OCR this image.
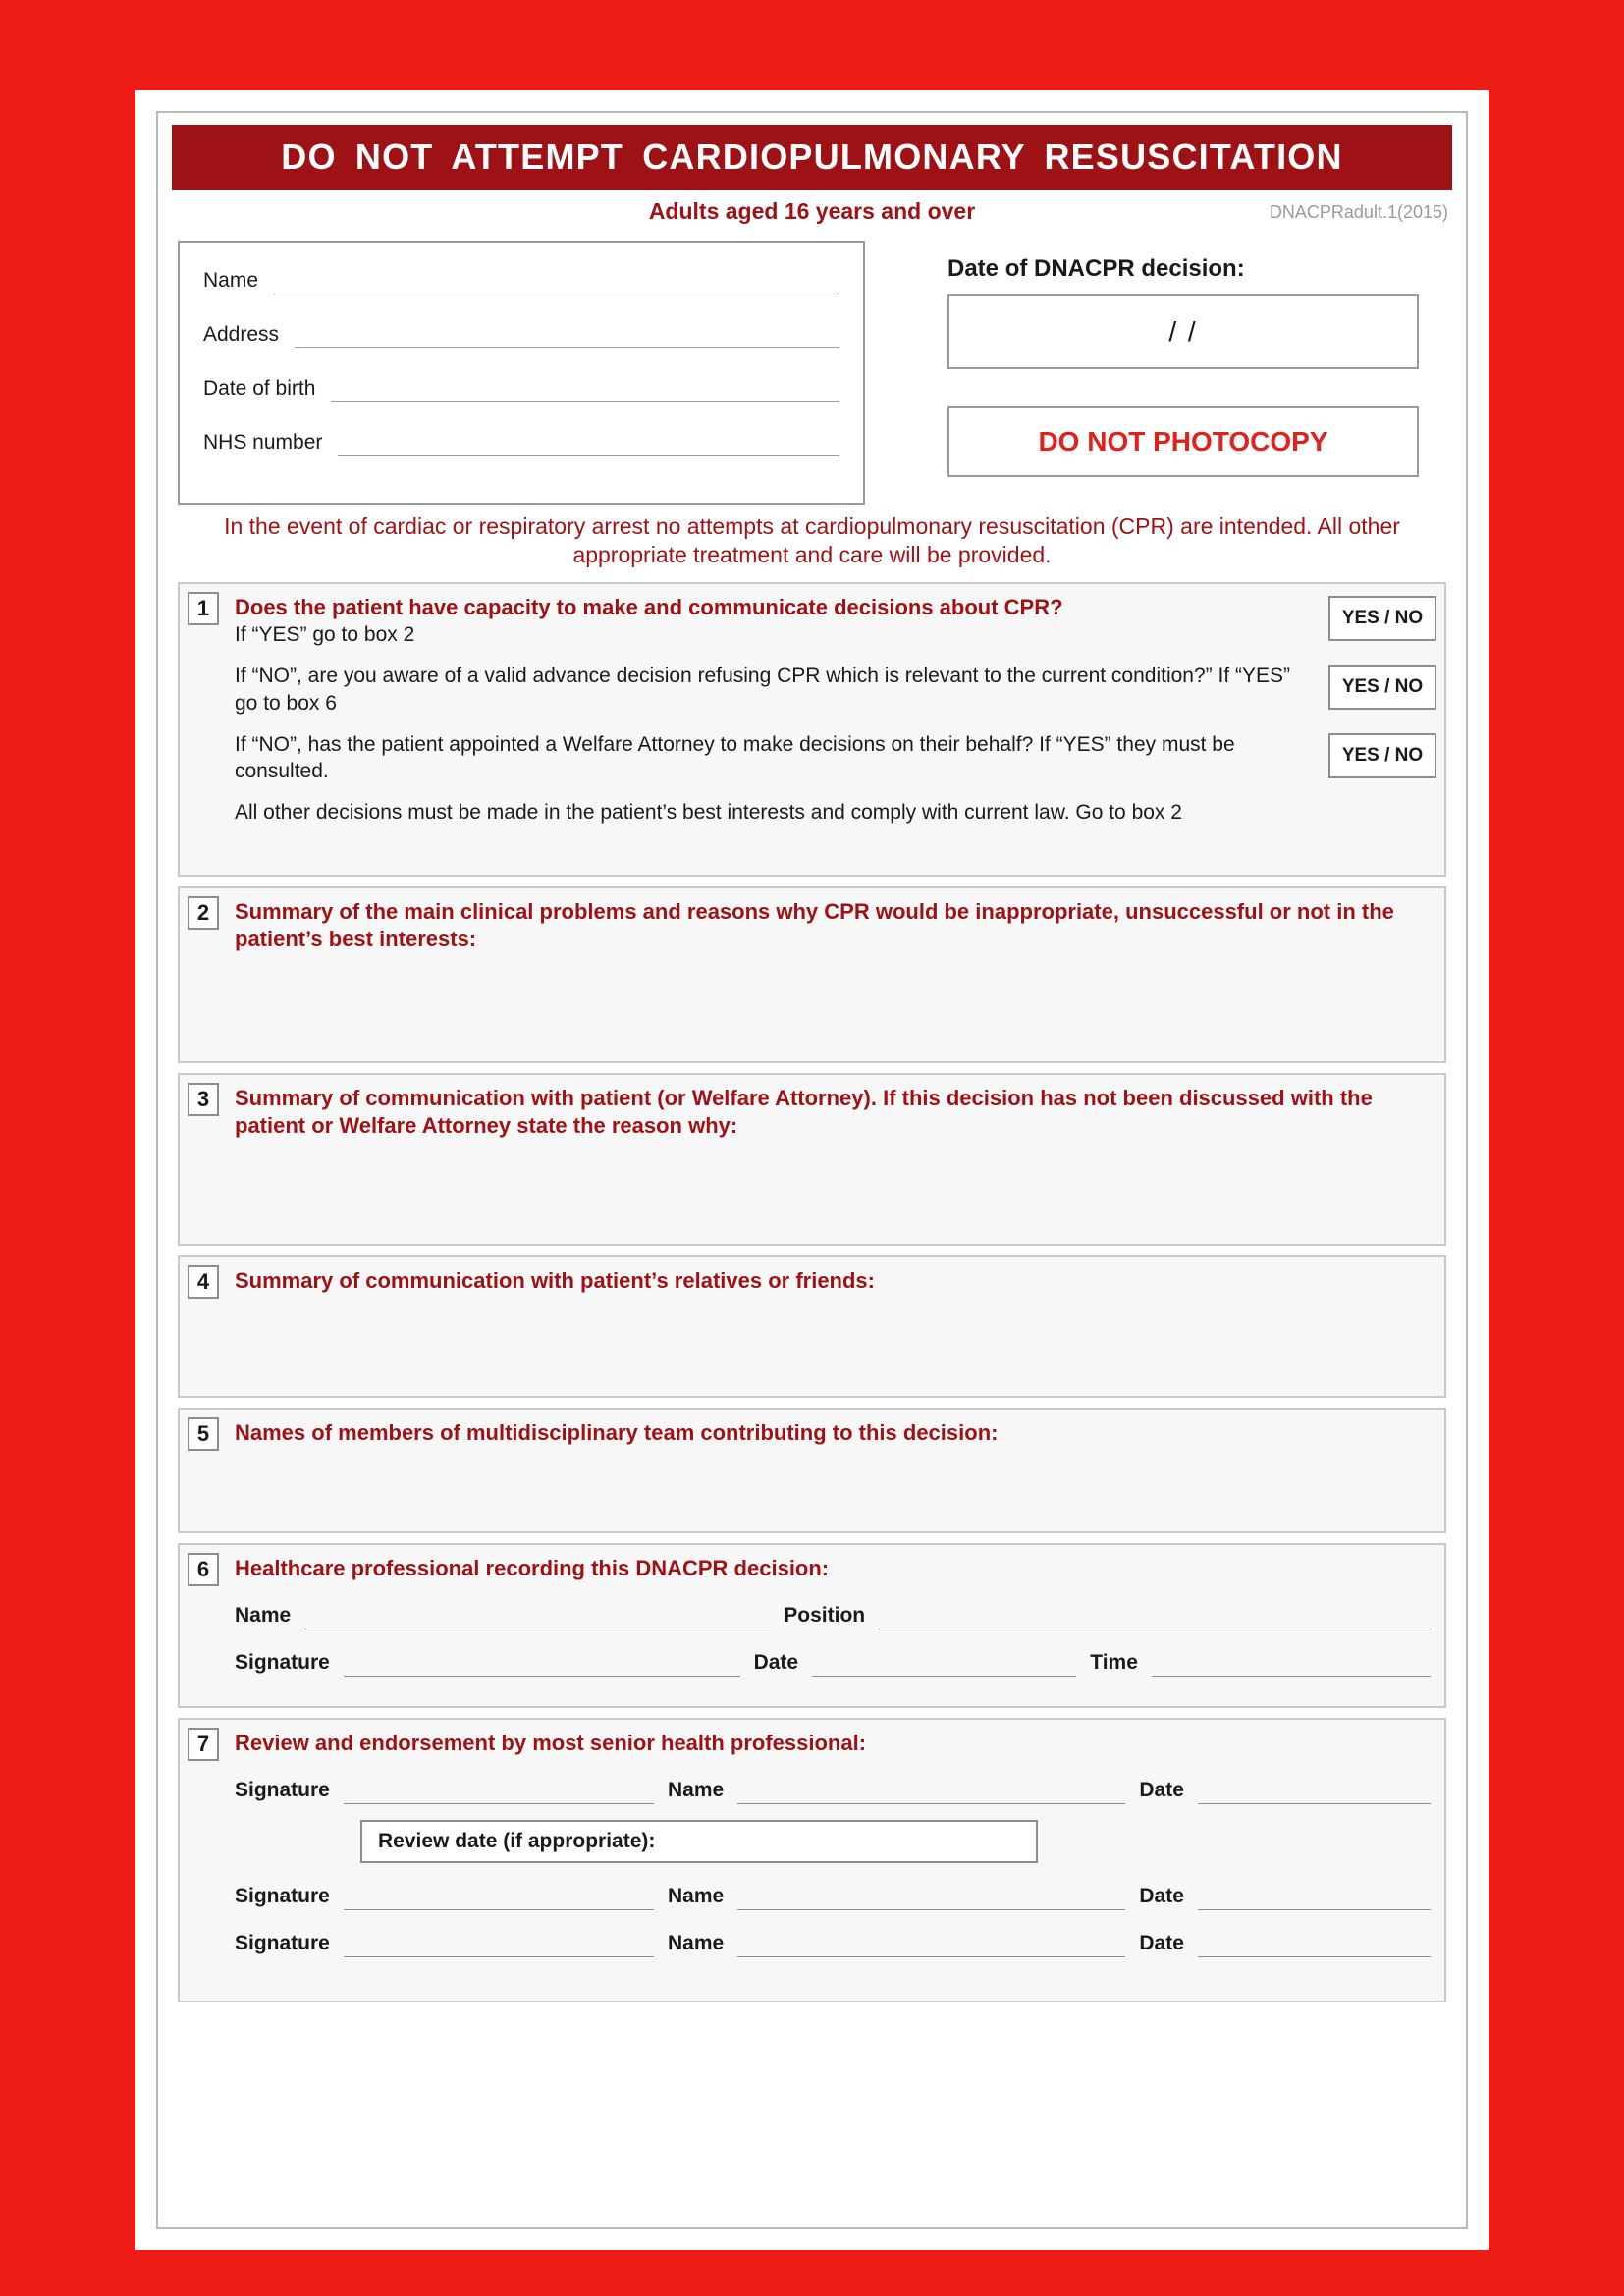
DO NOT ATTEMPT CARDIOPULMONARY RESUSCITATION
Adults aged 16 years and over	DNACPRadult.1(2015)
Name
Address
Date of birth
NHS number
Date of DNACPR decision:
/ /
DO NOT PHOTOCOPY
In the event of cardiac or respiratory arrest no attempts at cardiopulmonary resuscitation (CPR) are intended. All other appropriate treatment and care will be provided.
1	Does the patient have capacity to make and communicate decisions about CPR?
If “YES” go to box 2
YES / NO
If “NO”, are you aware of a valid advance decision refusing CPR which is relevant to the current condition?” If “YES” go to box 6
YES / NO
If “NO”, has the patient appointed a Welfare Attorney to make decisions on their behalf? If “YES” they must be consulted.
YES / NO
All other decisions must be made in the patient’s best interests and comply with current law. Go to box 2
2	Summary of the main clinical problems and reasons why CPR would be inappropriate, unsuccessful or not in the patient’s best interests:
3	Summary of communication with patient (or Welfare Attorney). If this decision has not been discussed with the patient or Welfare Attorney state the reason why:
4	Summary of communication with patient’s relatives or friends:
5	Names of members of multidisciplinary team contributing to this decision:
6	Healthcare professional recording this DNACPR decision:
Name	Position
Signature	Date	Time
7	Review and endorsement by most senior health professional:
Signature	Name	Date
Review date (if appropriate):
Signature	Name	Date
Signature	Name	Date
